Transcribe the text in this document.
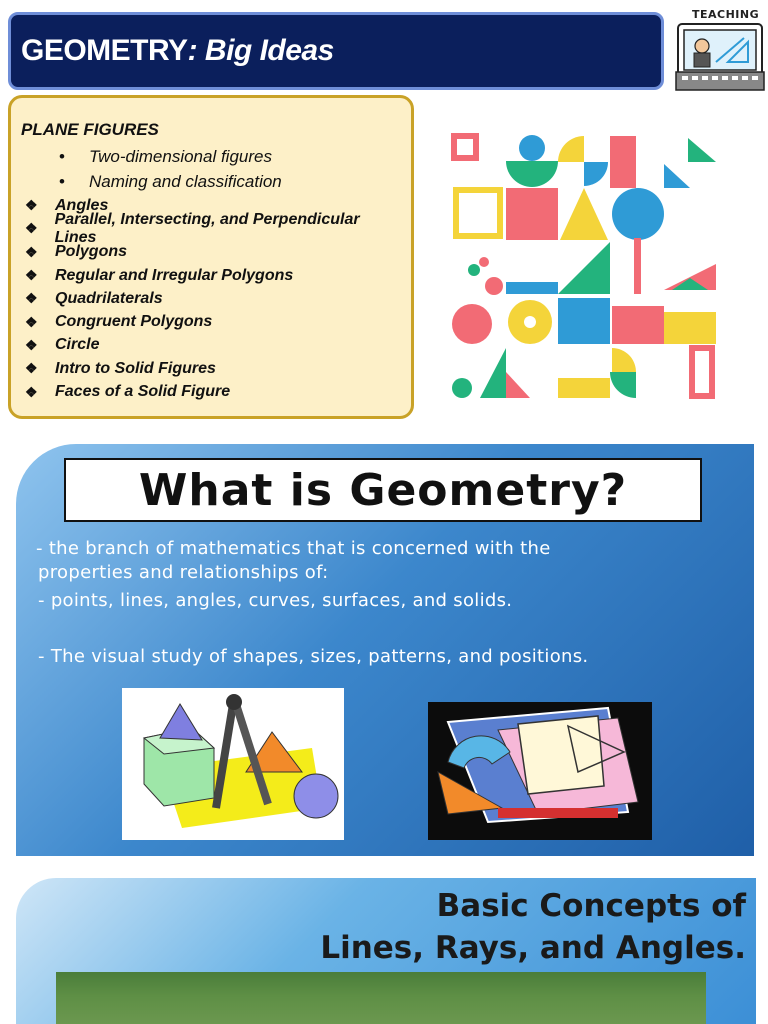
GEOMETRY : Big Ideas
TEACHING
PLANE FIGURES
•	Two-dimensional figures
•	Naming and classification
❖	Angles
❖
Parallel, Intersecting, and Perpendicular Lines
❖	Polygons
❖	Regular and Irregular Polygons
❖	Quadrilaterals
❖	Congruent Polygons
❖	Circle
❖	Intro to Solid Figures
❖	Faces of a Solid Figure
What is Geometry?
- the branch of mathematics that is concerned with the
properties and relationships of:
- points, lines, angles, curves, surfaces, and solids.
- The visual study of shapes, sizes, patterns, and positions.
Basic Concepts of
Lines, Rays, and Angles.
